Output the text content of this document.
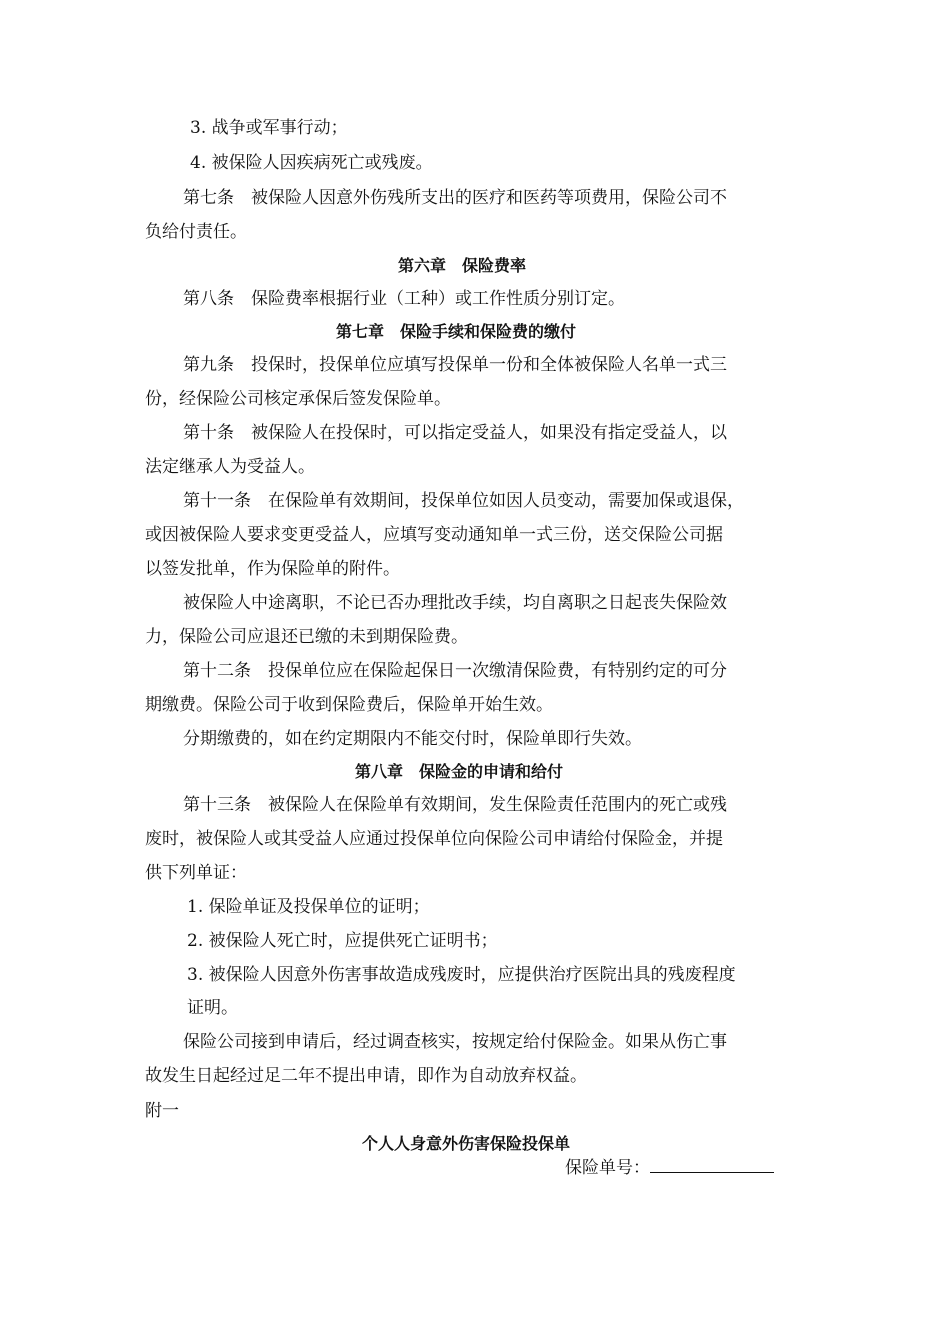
3. 战争或军事行动；
4. 被保险人因疾病死亡或残废。
第七条　被保险人因意外伤残所支出的医疗和医药等项费用，保险公司不
负给付责任。
第六章　保险费率
第八条　保险费率根据行业（工种）或工作性质分别订定。
第七章　保险手续和保险费的缴付
第九条　投保时，投保单位应填写投保单一份和全体被保险人名单一式三
份，经保险公司核定承保后签发保险单。
第十条　被保险人在投保时，可以指定受益人，如果没有指定受益人，以
法定继承人为受益人。
第十一条　在保险单有效期间，投保单位如因人员变动，需要加保或退保，
或因被保险人要求变更受益人，应填写变动通知单一式三份，送交保险公司据
以签发批单，作为保险单的附件。
被保险人中途离职，不论已否办理批改手续，均自离职之日起丧失保险效
力，保险公司应退还已缴的未到期保险费。
第十二条　投保单位应在保险起保日一次缴清保险费，有特别约定的可分
期缴费。保险公司于收到保险费后，保险单开始生效。
分期缴费的，如在约定期限内不能交付时，保险单即行失效。
第八章　保险金的申请和给付
第十三条　被保险人在保险单有效期间，发生保险责任范围内的死亡或残
废时，被保险人或其受益人应通过投保单位向保险公司申请给付保险金，并提
供下列单证：
1. 保险单证及投保单位的证明；
2. 被保险人死亡时，应提供死亡证明书；
3. 被保险人因意外伤害事故造成残废时，应提供治疗医院出具的残废程度
证明。
保险公司接到申请后，经过调查核实，按规定给付保险金。如果从伤亡事
故发生日起经过足二年不提出申请，即作为自动放弃权益。
附一
个人人身意外伤害保险投保单
保险单号：
